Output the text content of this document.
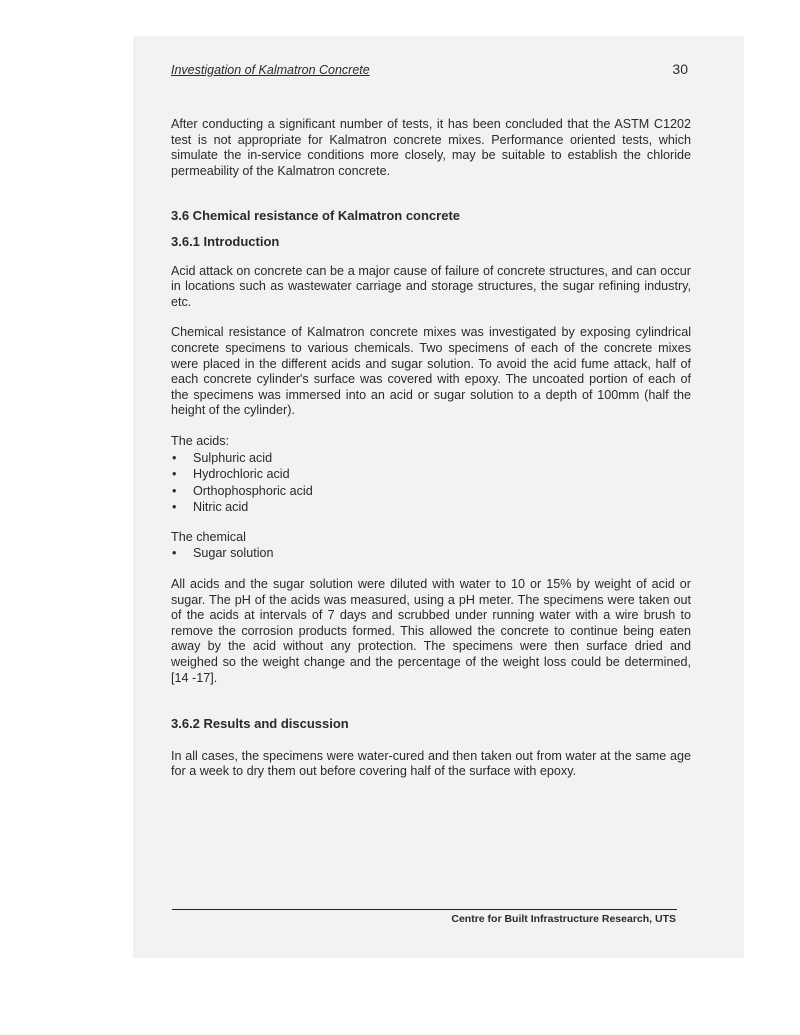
Investigation of Kalmatron Concrete	30

After conducting a significant number of tests, it has been concluded that the ASTM C1202 test is not appropriate for Kalmatron concrete mixes. Performance oriented tests, which simulate the in-service conditions more closely, may be suitable to establish the chloride permeability of the Kalmatron concrete.

3.6 Chemical resistance of Kalmatron concrete
3.6.1 Introduction

Acid attack on concrete can be a major cause of failure of concrete structures, and can occur in locations such as wastewater carriage and storage structures, the sugar refining industry, etc.

Chemical resistance of Kalmatron concrete mixes was investigated by exposing cylindrical concrete specimens to various chemicals. Two specimens of each of the concrete mixes were placed in the different acids and sugar solution. To avoid the acid fume attack, half of each concrete cylinder's surface was covered with epoxy. The uncoated portion of each of the specimens was immersed into an acid or sugar solution to a depth of 100mm (half the height of the cylinder).

The acids:

• Sulphuric acid
• Hydrochloric acid
• Orthophosphoric acid
• Nitric acid

The chemical

• Sugar solution

All acids and the sugar solution were diluted with water to 10 or 15% by weight of acid or sugar. The pH of the acids was measured, using a pH meter. The specimens were taken out of the acids at intervals of 7 days and scrubbed under running water with a wire brush to remove the corrosion products formed. This allowed the concrete to continue being eaten away by the acid without any protection. The specimens were then surface dried and weighed so the weight change and the percentage of the weight loss could be determined, [14 -17].

3.6.2 Results and discussion

In all cases, the specimens were water-cured and then taken out from water at the same age for a week to dry them out before covering half of the surface with epoxy.

Centre for Built Infrastructure Research, UTS
